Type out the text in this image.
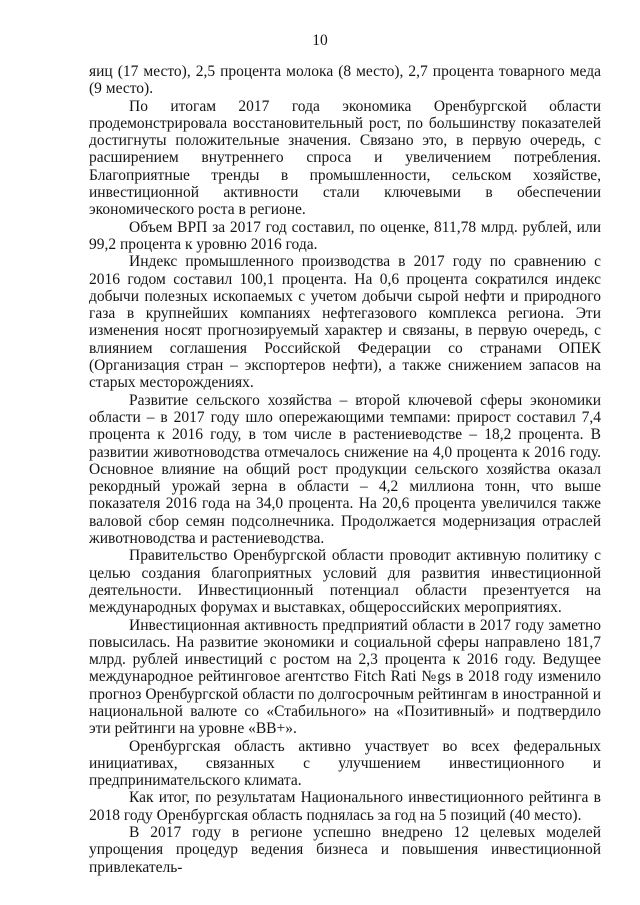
10

яиц (17 место), 2,5 процента молока (8 место), 2,7 процента товарного меда (9 место).

По итогам 2017 года экономика Оренбургской области продемонстрировала восстановительный рост, по большинству показателей достигнуты положительные значения. Связано это, в первую очередь, с расширением внутреннего спроса и увеличением потребления. Благоприятные тренды в промышленности, сельском хозяйстве, инвестиционной активности стали ключевыми в обеспечении экономического роста в регионе.

Объем ВРП за 2017 год составил, по оценке, 811,78 млрд. рублей, или 99,2 процента к уровню 2016 года.

Индекс промышленного производства в 2017 году по сравнению с 2016 годом составил 100,1 процента. На 0,6 процента сократился индекс добычи полезных ископаемых с учетом добычи сырой нефти и природного газа в крупнейших компаниях нефтегазового комплекса региона. Эти изменения носят прогнозируемый характер и связаны, в первую очередь, с влиянием соглашения Российской Федерации со странами ОПЕК (Организация стран – экспортеров нефти), а также снижением запасов на старых месторождениях.

Развитие сельского хозяйства – второй ключевой сферы экономики области – в 2017 году шло опережающими темпами: прирост составил 7,4 процента к 2016 году, в том числе в растениеводстве – 18,2 процента. В развитии животноводства отмечалось снижение на 4,0 процента к 2016 году. Основное влияние на общий рост продукции сельского хозяйства оказал рекордный урожай зерна в области – 4,2 миллиона тонн, что выше показателя 2016 года на 34,0 процента. На 20,6 процента увеличился также валовой сбор семян подсолнечника. Продолжается модернизация отраслей животноводства и растениеводства.

Правительство Оренбургской области проводит активную политику с целью создания благоприятных условий для развития инвестиционной деятельности. Инвестиционный потенциал области презентуется на международных форумах и выставках, общероссийских мероприятиях.

Инвестиционная активность предприятий области в 2017 году заметно повысилась. На развитие экономики и социальной сферы направлено 181,7 млрд. рублей инвестиций с ростом на 2,3 процента к 2016 году. Ведущее международное рейтинговое агентство Fitch Rati №gs в 2018 году изменило прогноз Оренбургской области по долгосрочным рейтингам в иностранной и национальной валюте со «Стабильного» на «Позитивный» и подтвердило эти рейтинги на уровне «BB+».

Оренбургская область активно участвует во всех федеральных инициативах, связанных с улучшением инвестиционного и предпринимательского климата.

Как итог, по результатам Национального инвестиционного рейтинга в 2018 году Оренбургская область поднялась за год на 5 позиций (40 место).

В 2017 году в регионе успешно внедрено 12 целевых моделей упрощения процедур ведения бизнеса и повышения инвестиционной привлекатель-
